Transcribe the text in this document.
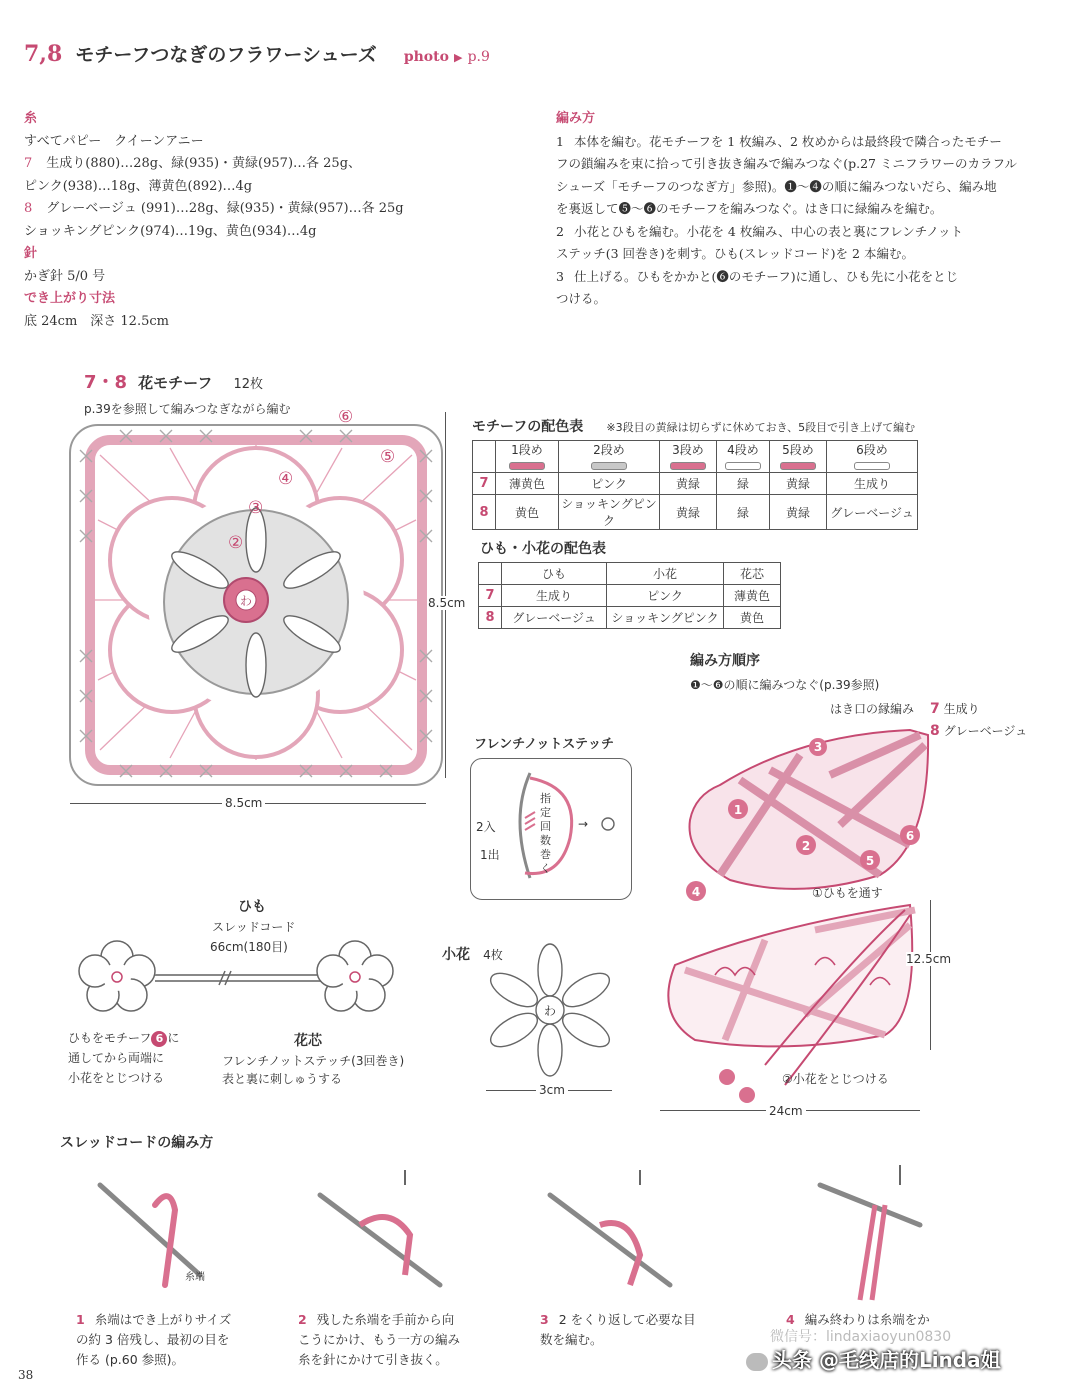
7,8 モチーフつなぎのフラワーシューズ photo ▶ p.9
糸
すべてパピー　クイーンアニー
7 生成り(880)…28g、緑(935)・黄緑(957)…各 25g、
ピンク(938)…18g、薄黄色(892)…4g
8 グレーベージュ (991)…28g、緑(935)・黄緑(957)…各 25g
ショッキングピンク(974)…19g、黄色(934)…4g
針
かぎ針 5/0 号
でき上がり寸法
底 24cm　深さ 12.5cm
編み方
1 本体を編む。花モチーフを 1 枚編み、2 枚めからは最終段で隣合ったモチー
フの鎖編みを束に拾って引き抜き編みで編みつなぐ(p.27 ミニフラワーのカラフル
シューズ「モチーフのつなぎ方」参照)。❶〜❹の順に編みつないだら、編み地
を裏返して❺〜❻のモチーフを編みつなぐ。はき口に緑編みを編む。
2 小花とひもを編む。小花を 4 枚編み、中心の表と裏にフレンチノット
ステッチ(3 回巻き)を刺す。ひも(スレッドコード)を 2 本編む。
3 仕上げる。ひもをかかと(❻のモチーフ)に通し、ひも先に小花をとじ
つける。
7・8 花モチーフ 12枚
p.39を参照して編みつなぎながら編む
わ
②
③
④
⑤
⑥
8.5cm
8.5cm
モチーフの配色表 ※3段目の黄緑は切らずに休めておき、5段目で引き上げて編む

	1段め	2段め	3段め	4段め	5段め	6段め

7	薄黄色	ピンク	黄緑	緑	黄緑	生成り
8	黄色	ショッキングピンク	黄緑	緑	黄緑	グレーベージュ
ひも・小花の配色表
	ひも	小花	花芯
7	生成り	ピンク	薄黄色
8	グレーベージュ	ショッキングピンク	黄色
編み方順序
❶〜❻の順に編みつなぐ(p.39参照)
はき口の縁編み 7 生成り
8 グレーベージュ
1
2
3
4
5
6
①ひもを通す
12.5cm
②小花をとじつける
24cm
フレンチノットステッチ
→
2入
1出
指定回数巻く
ひも
スレッドコード
66cm(180目)
ひもをモチーフ 6 に
通してから両端に
小花をとじつける
花芯
フレンチノットステッチ(3回巻き)
表と裏に刺しゅうする
小花 4枚
わ
3cm
スレッドコードの編み方
糸端
1 糸端はでき上がりサイズ
の約 3 倍残し、最初の目を
作る (p.60 参照)。
2 残した糸端を手前から向
こうにかけ、もう一方の編み
糸を針にかけて引き抜く。
3 2 をくり返して必要な目
数を編む。
4 編み終わりは糸端をか
38
微信号：lindaxiaoyun0830
头条 @毛线店的Linda姐
